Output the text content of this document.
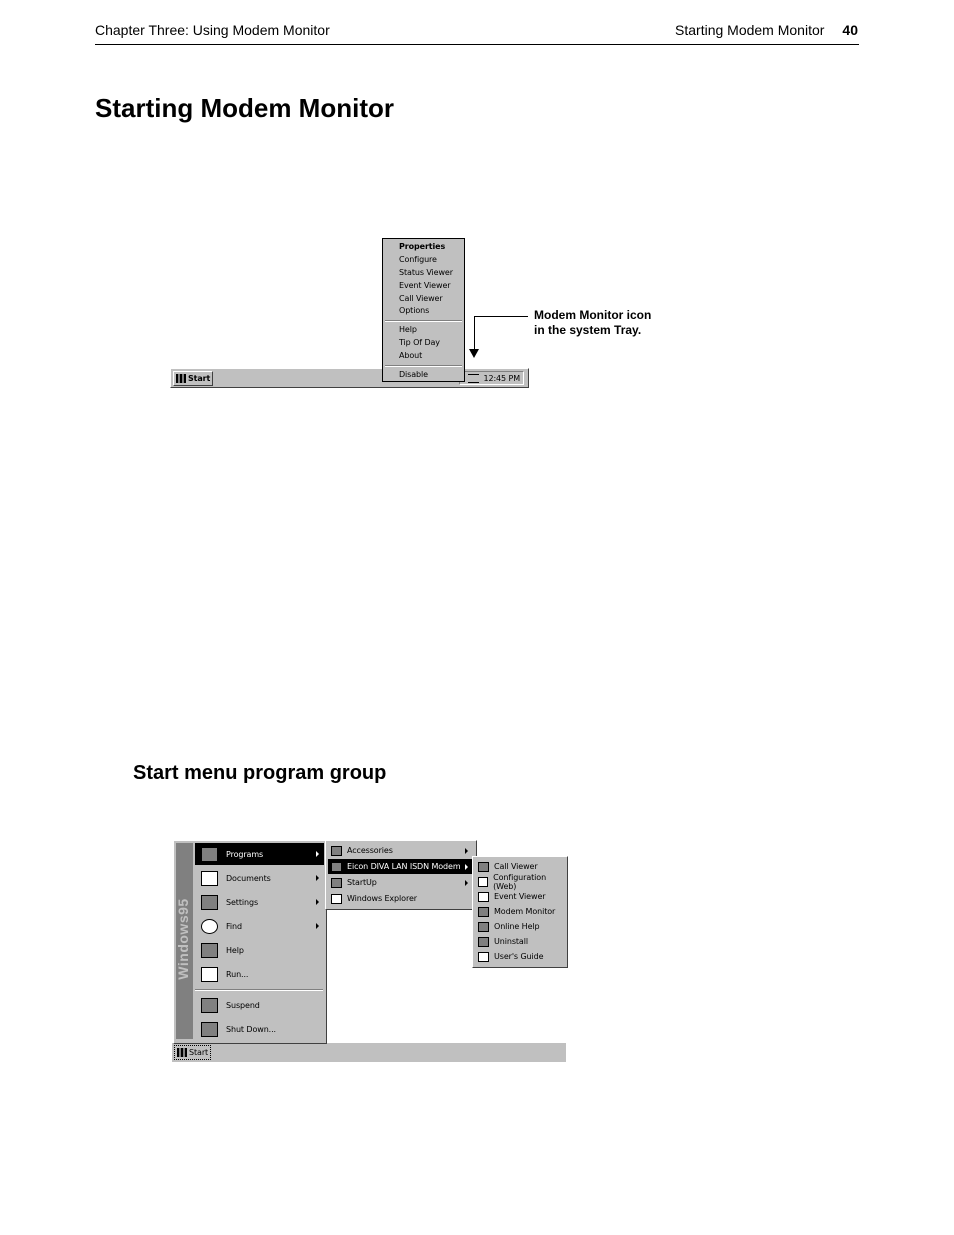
Chapter Three: Using Modem Monitor	Starting Modem Monitor 40
Starting Modem Monitor
Start	12:45 PM
Properties
Configure
Status Viewer
Event Viewer
Call Viewer
Options
Help
Tip Of Day
About
Disable
Modem Monitor icon
in the system Tray.
Start menu program group
Start
Windows95
Programs
Documents
Settings
Find
Help
Run...
Suspend
Shut Down...
Accessories
Eicon DIVA LAN ISDN Modem
StartUp
Windows Explorer
Call Viewer
Configuration (Web)
Event Viewer
Modem Monitor
Online Help
Uninstall
User's Guide
